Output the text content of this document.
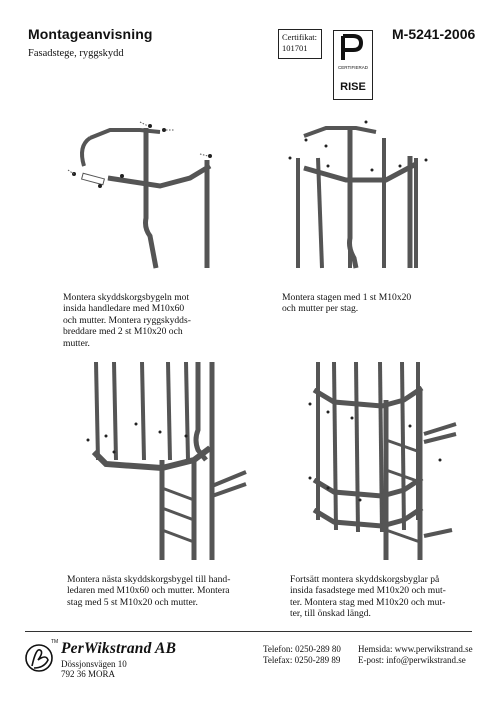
Montageanvisning
Fasadstege, ryggskydd
Certifikat:
101701
CERTIFIERAD
RISE
M-5241-2006
Montera skyddskorgsbygeln mot
insida handledare med M10x60
och mutter. Montera ryggskydds-
breddare med 2 st M10x20 och
mutter.
Montera stagen med 1 st M10x20
och mutter per stag.
Montera nästa skyddskorgsbygel till hand-
ledaren med M10x60 och mutter. Montera
stag med 5 st M10x20 och mutter.
Fortsätt montera skyddskorgsbyglar på
insida fasadstege med M10x20 och mut-
ter. Montera stag med M10x20 och mut-
ter, till önskad längd.
TM PerWikstrand AB
Dössjonsvägen 10
792 36 MORA
Telefon: 0250-289 80
Telefax: 0250-289 89
Hemsida: www.perwikstrand.se
E-post: info@perwikstrand.se
